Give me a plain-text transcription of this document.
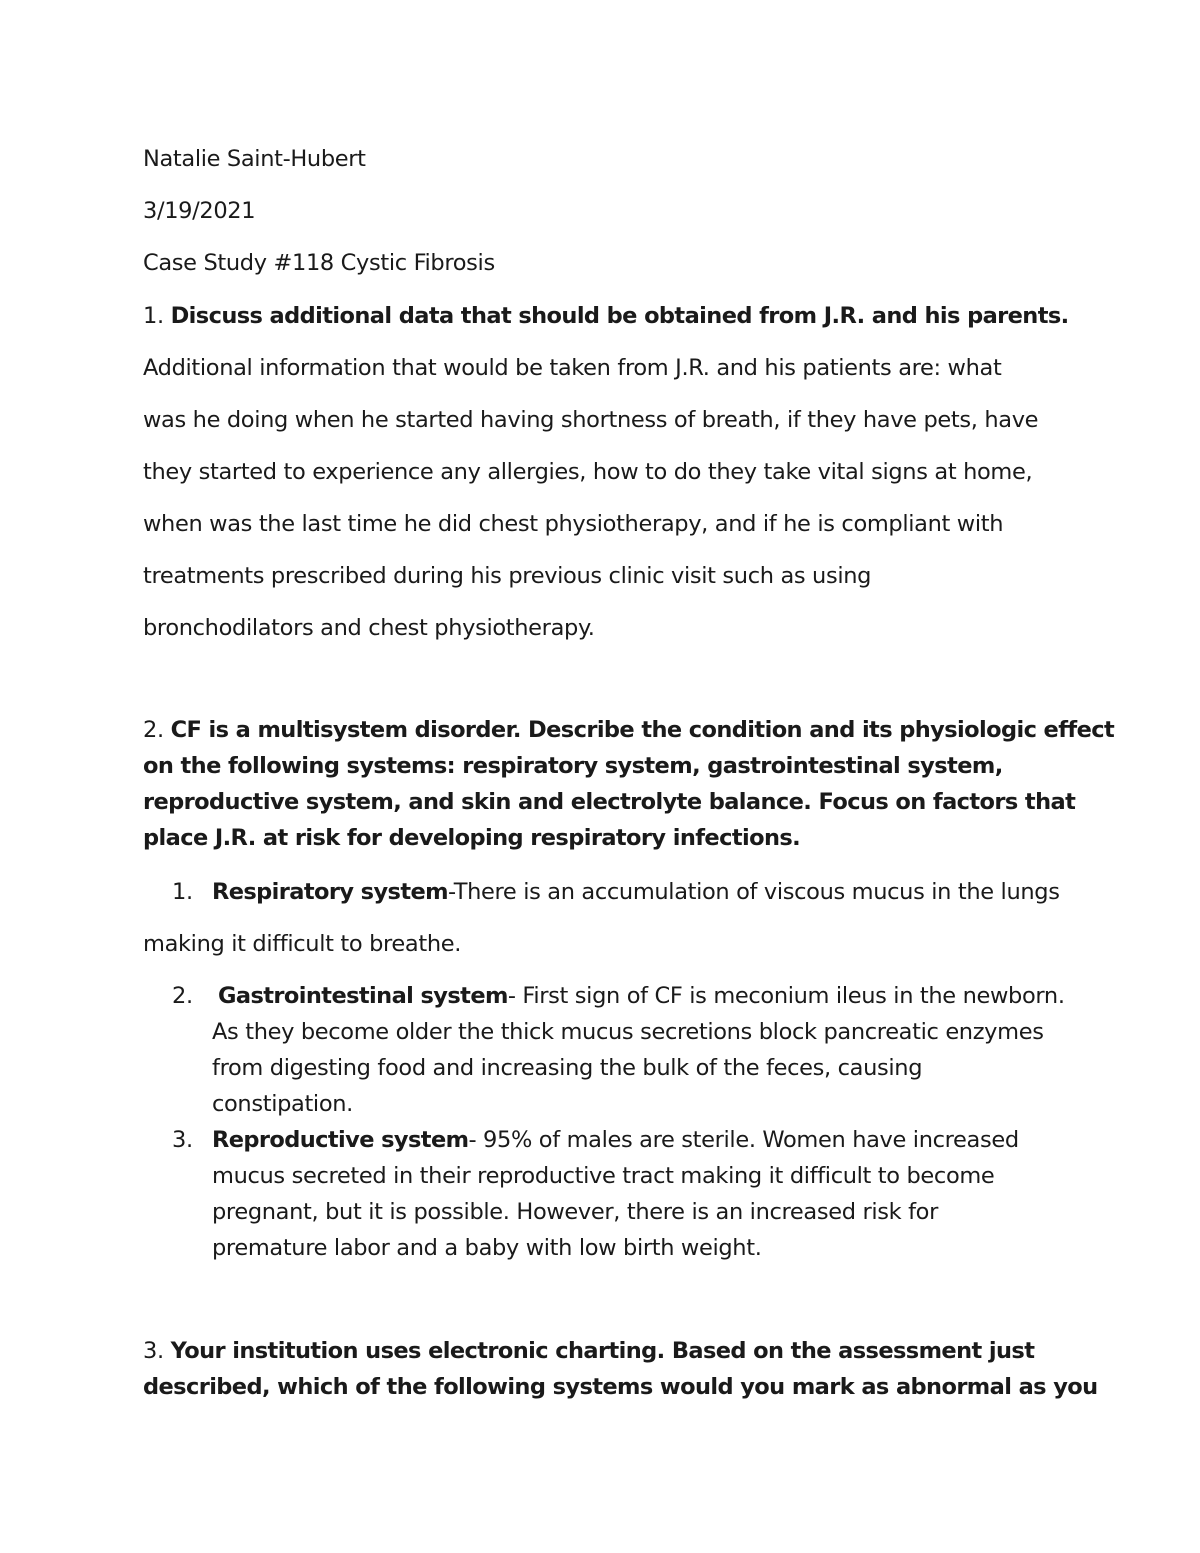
Natalie Saint-Hubert

3/19/2021

Case Study #118 Cystic Fibrosis

1. Discuss additional data that should be obtained from J.R. and his parents.

Additional information that would be taken from J.R. and his patients are: what

was he doing when he started having shortness of breath, if they have pets, have

they started to experience any allergies, how to do they take vital signs at home,

when was the last time he did chest physiotherapy, and if he is compliant with

treatments prescribed during his previous clinic visit such as using

bronchodilators and chest physiotherapy.

2. CF is a multisystem disorder. Describe the condition and its physiologic effect

on the following systems: respiratory system, gastrointestinal system,

reproductive system, and skin and electrolyte balance. Focus on factors that

place J.R. at risk for developing respiratory infections.

1. Respiratory system-There is an accumulation of viscous mucus in the lungs

making it difficult to breathe.

2. Gastrointestinal system- First sign of CF is meconium ileus in the newborn.

As they become older the thick mucus secretions block pancreatic enzymes

from digesting food and increasing the bulk of the feces, causing

constipation.

3. Reproductive system- 95% of males are sterile. Women have increased

mucus secreted in their reproductive tract making it difficult to become

pregnant, but it is possible. However, there is an increased risk for

premature labor and a baby with low birth weight.

3. Your institution uses electronic charting. Based on the assessment just

described, which of the following systems would you mark as abnormal as you
